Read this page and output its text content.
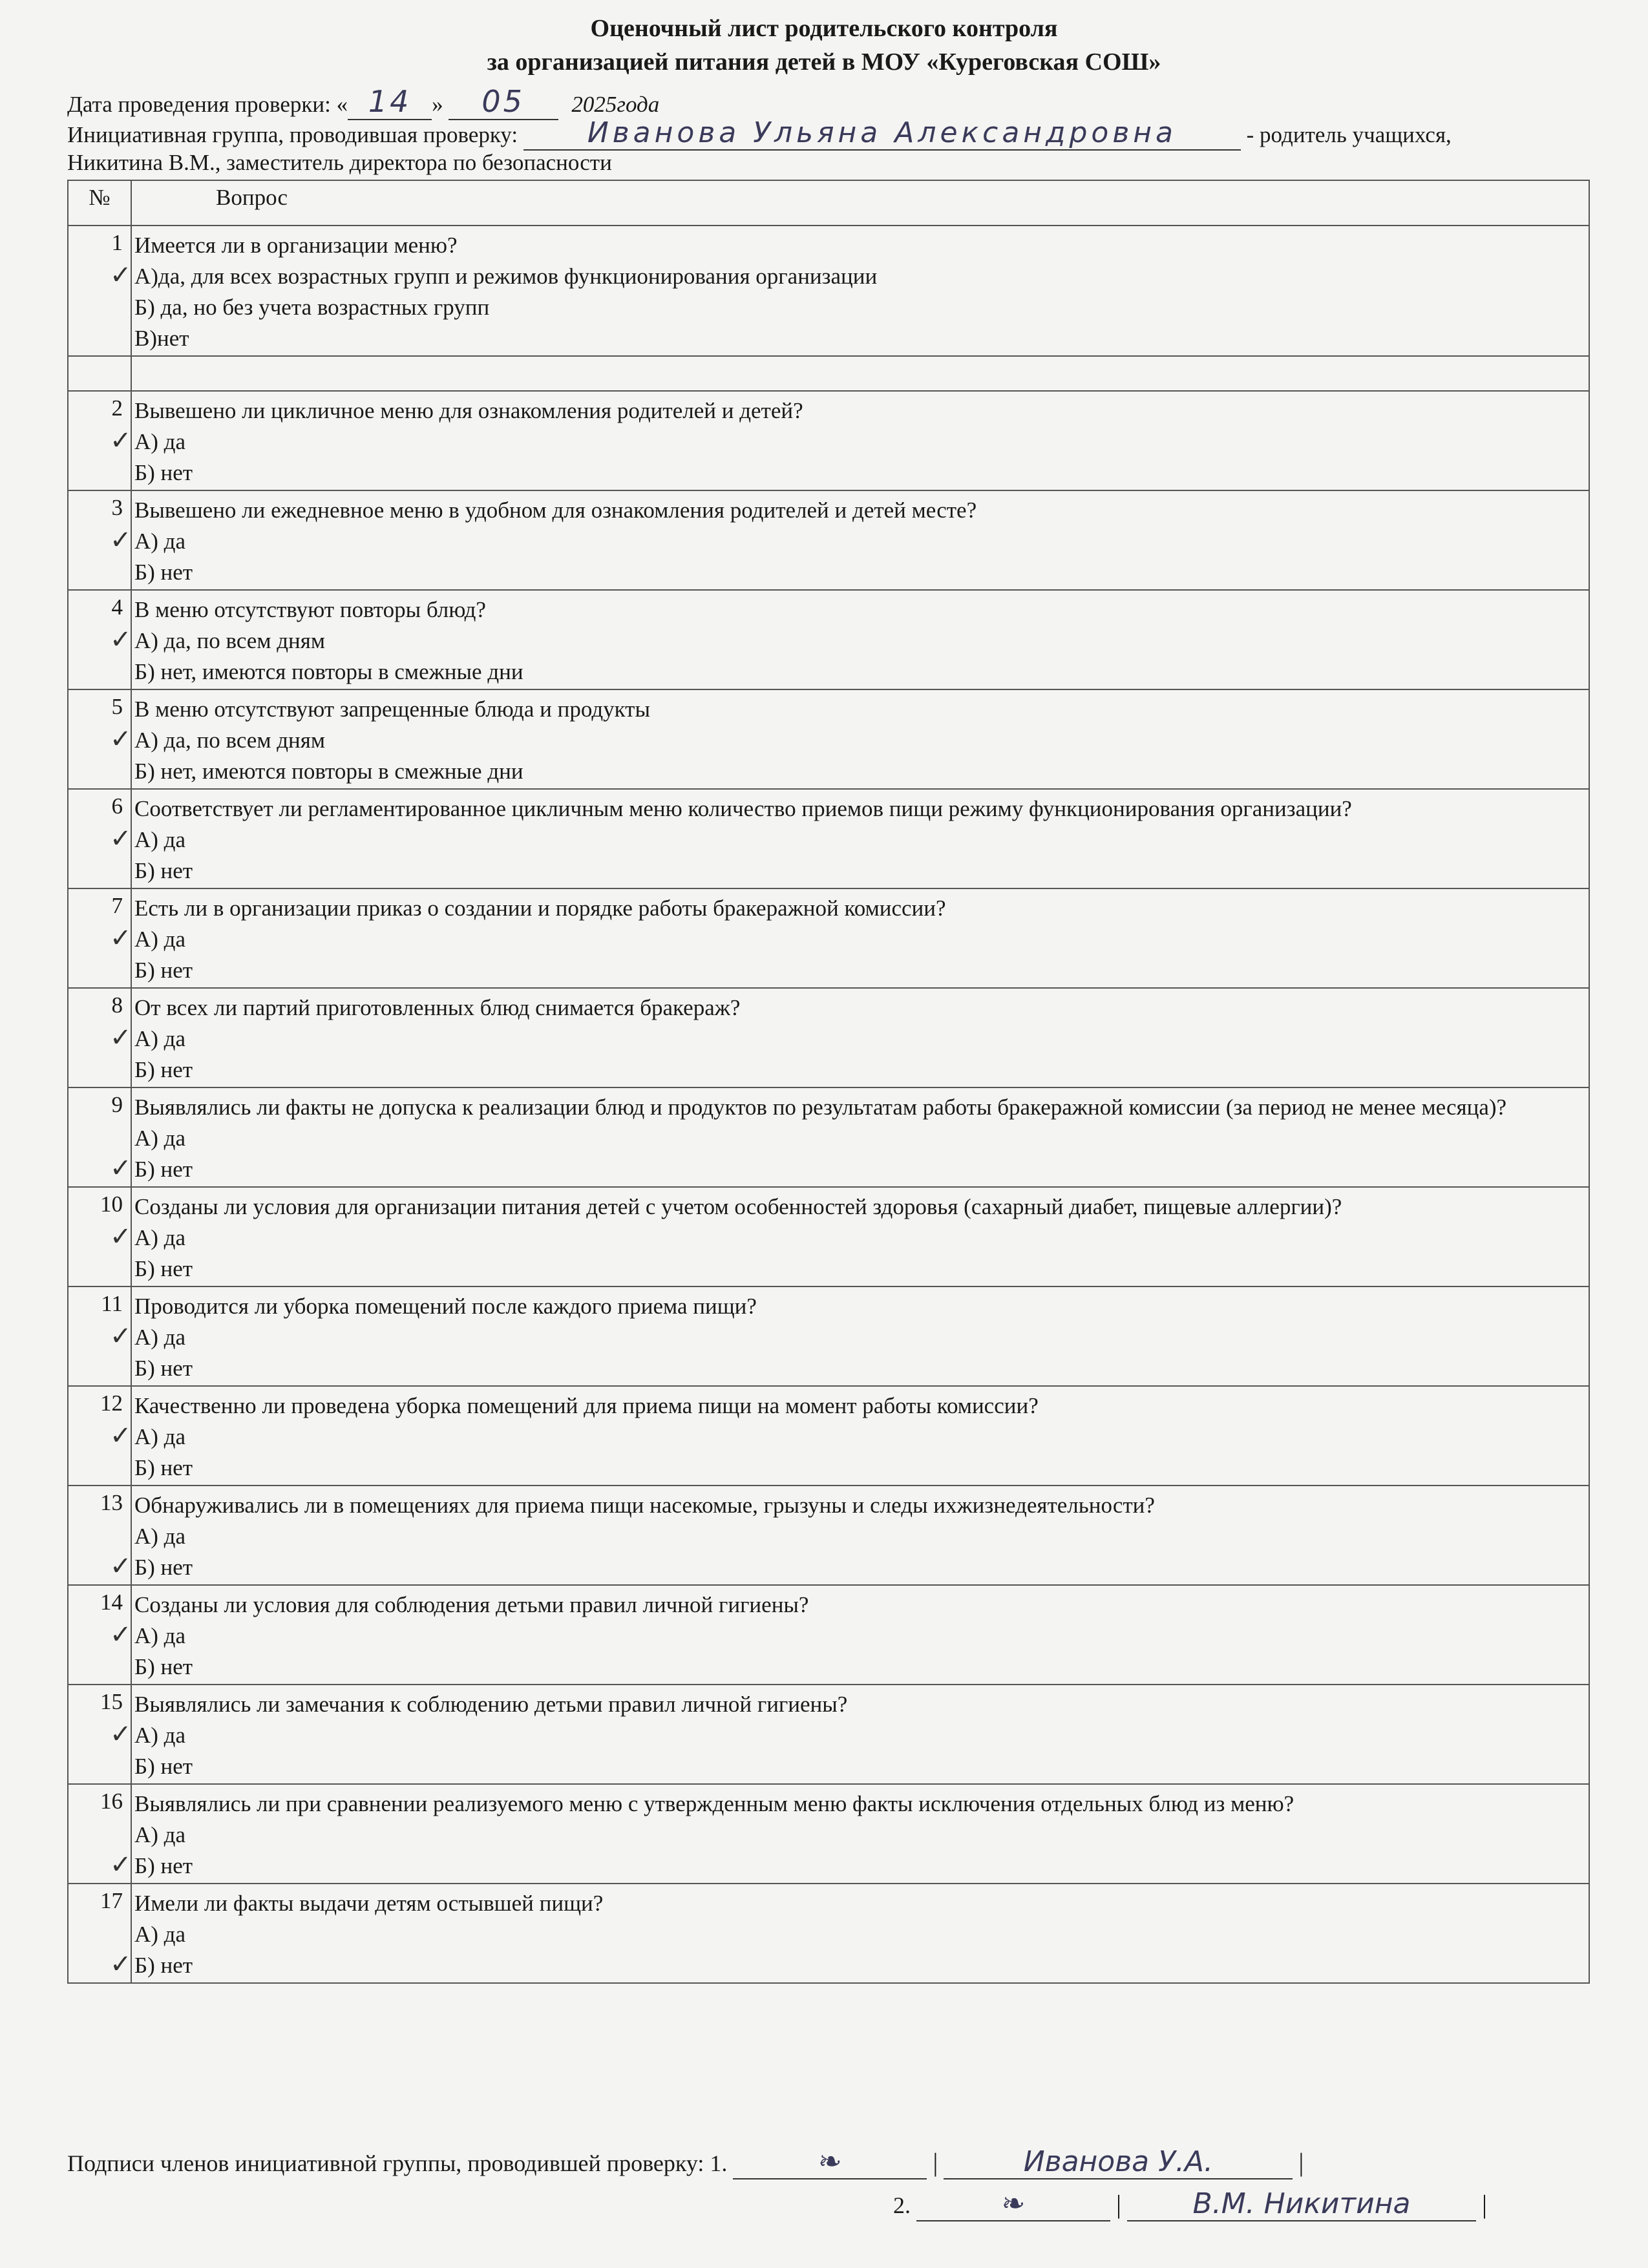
Оценочный лист родительского контроля
за организацией питания детей в МОУ «Куреговская СОШ»
Дата проведения проверки: « 14 » 05 2025года
Инициативная группа, проводившая проверку: Иванова Ульяна Александровна	- родитель учащихся,
Никитина В.М., заместитель директора по безопасности
№	Вопрос
1	Имеется ли в организации меню?
✓ А)да, для всех возрастных групп и режимов функционирования организации
Б) да, но без учета возрастных групп
В)нет

2	Вывешено ли цикличное меню для ознакомления родителей и детей?
✓ А) да
Б) нет

3	Вывешено ли ежедневное меню в удобном для ознакомления родителей и детей месте?
✓ А) да
Б) нет

4	В меню отсутствуют повторы блюд?
✓ А) да, по всем дням
Б) нет, имеются повторы в смежные дни

5	В меню отсутствуют запрещенные блюда и продукты
✓ А) да, по всем дням
Б) нет, имеются повторы в смежные дни

6	Соответствует ли регламентированное цикличным меню количество приемов пищи режиму функционирования организации?
✓ А) да
Б) нет

7	Есть ли в организации приказ о создании и порядке работы бракеражной комиссии?
✓ А) да
Б) нет

8	От всех ли партий приготовленных блюд снимается бракераж?
✓ А) да
Б) нет

9	Выявлялись ли факты не допуска к реализации блюд и продуктов по результатам работы бракеражной комиссии (за период не менее месяца)?
А) да
✓ Б) нет

10	Созданы ли условия для организации питания детей с учетом особенностей здоровья (сахарный диабет, пищевые аллергии)?
✓ А) да
Б) нет

11	Проводится ли уборка помещений после каждого приема пищи?
✓ А) да
Б) нет

12	Качественно ли проведена уборка помещений для приема пищи на момент работы комиссии?
✓ А) да
Б) нет

13	Обнаруживались ли в помещениях для приема пищи насекомые, грызуны и следы ихжизнедеятельности?
А) да
✓ Б) нет

14	Созданы ли условия для соблюдения детьми правил личной гигиены?
✓ А) да
Б) нет

15	Выявлялись ли замечания к соблюдению детьми правил личной гигиены?
✓ А) да
Б) нет

16	Выявлялись ли при сравнении реализуемого меню с утвержденным меню факты исключения отдельных блюд из меню?
А) да
✓ Б) нет

17	Имели ли факты выдачи детям остывшей пищи?
А) да
✓ Б) нет
Подписи членов инициативной группы, проводившей проверку: 1.	❧	|	Иванова У.А.	|
2.	❧	|	В.М. Никитина	|
